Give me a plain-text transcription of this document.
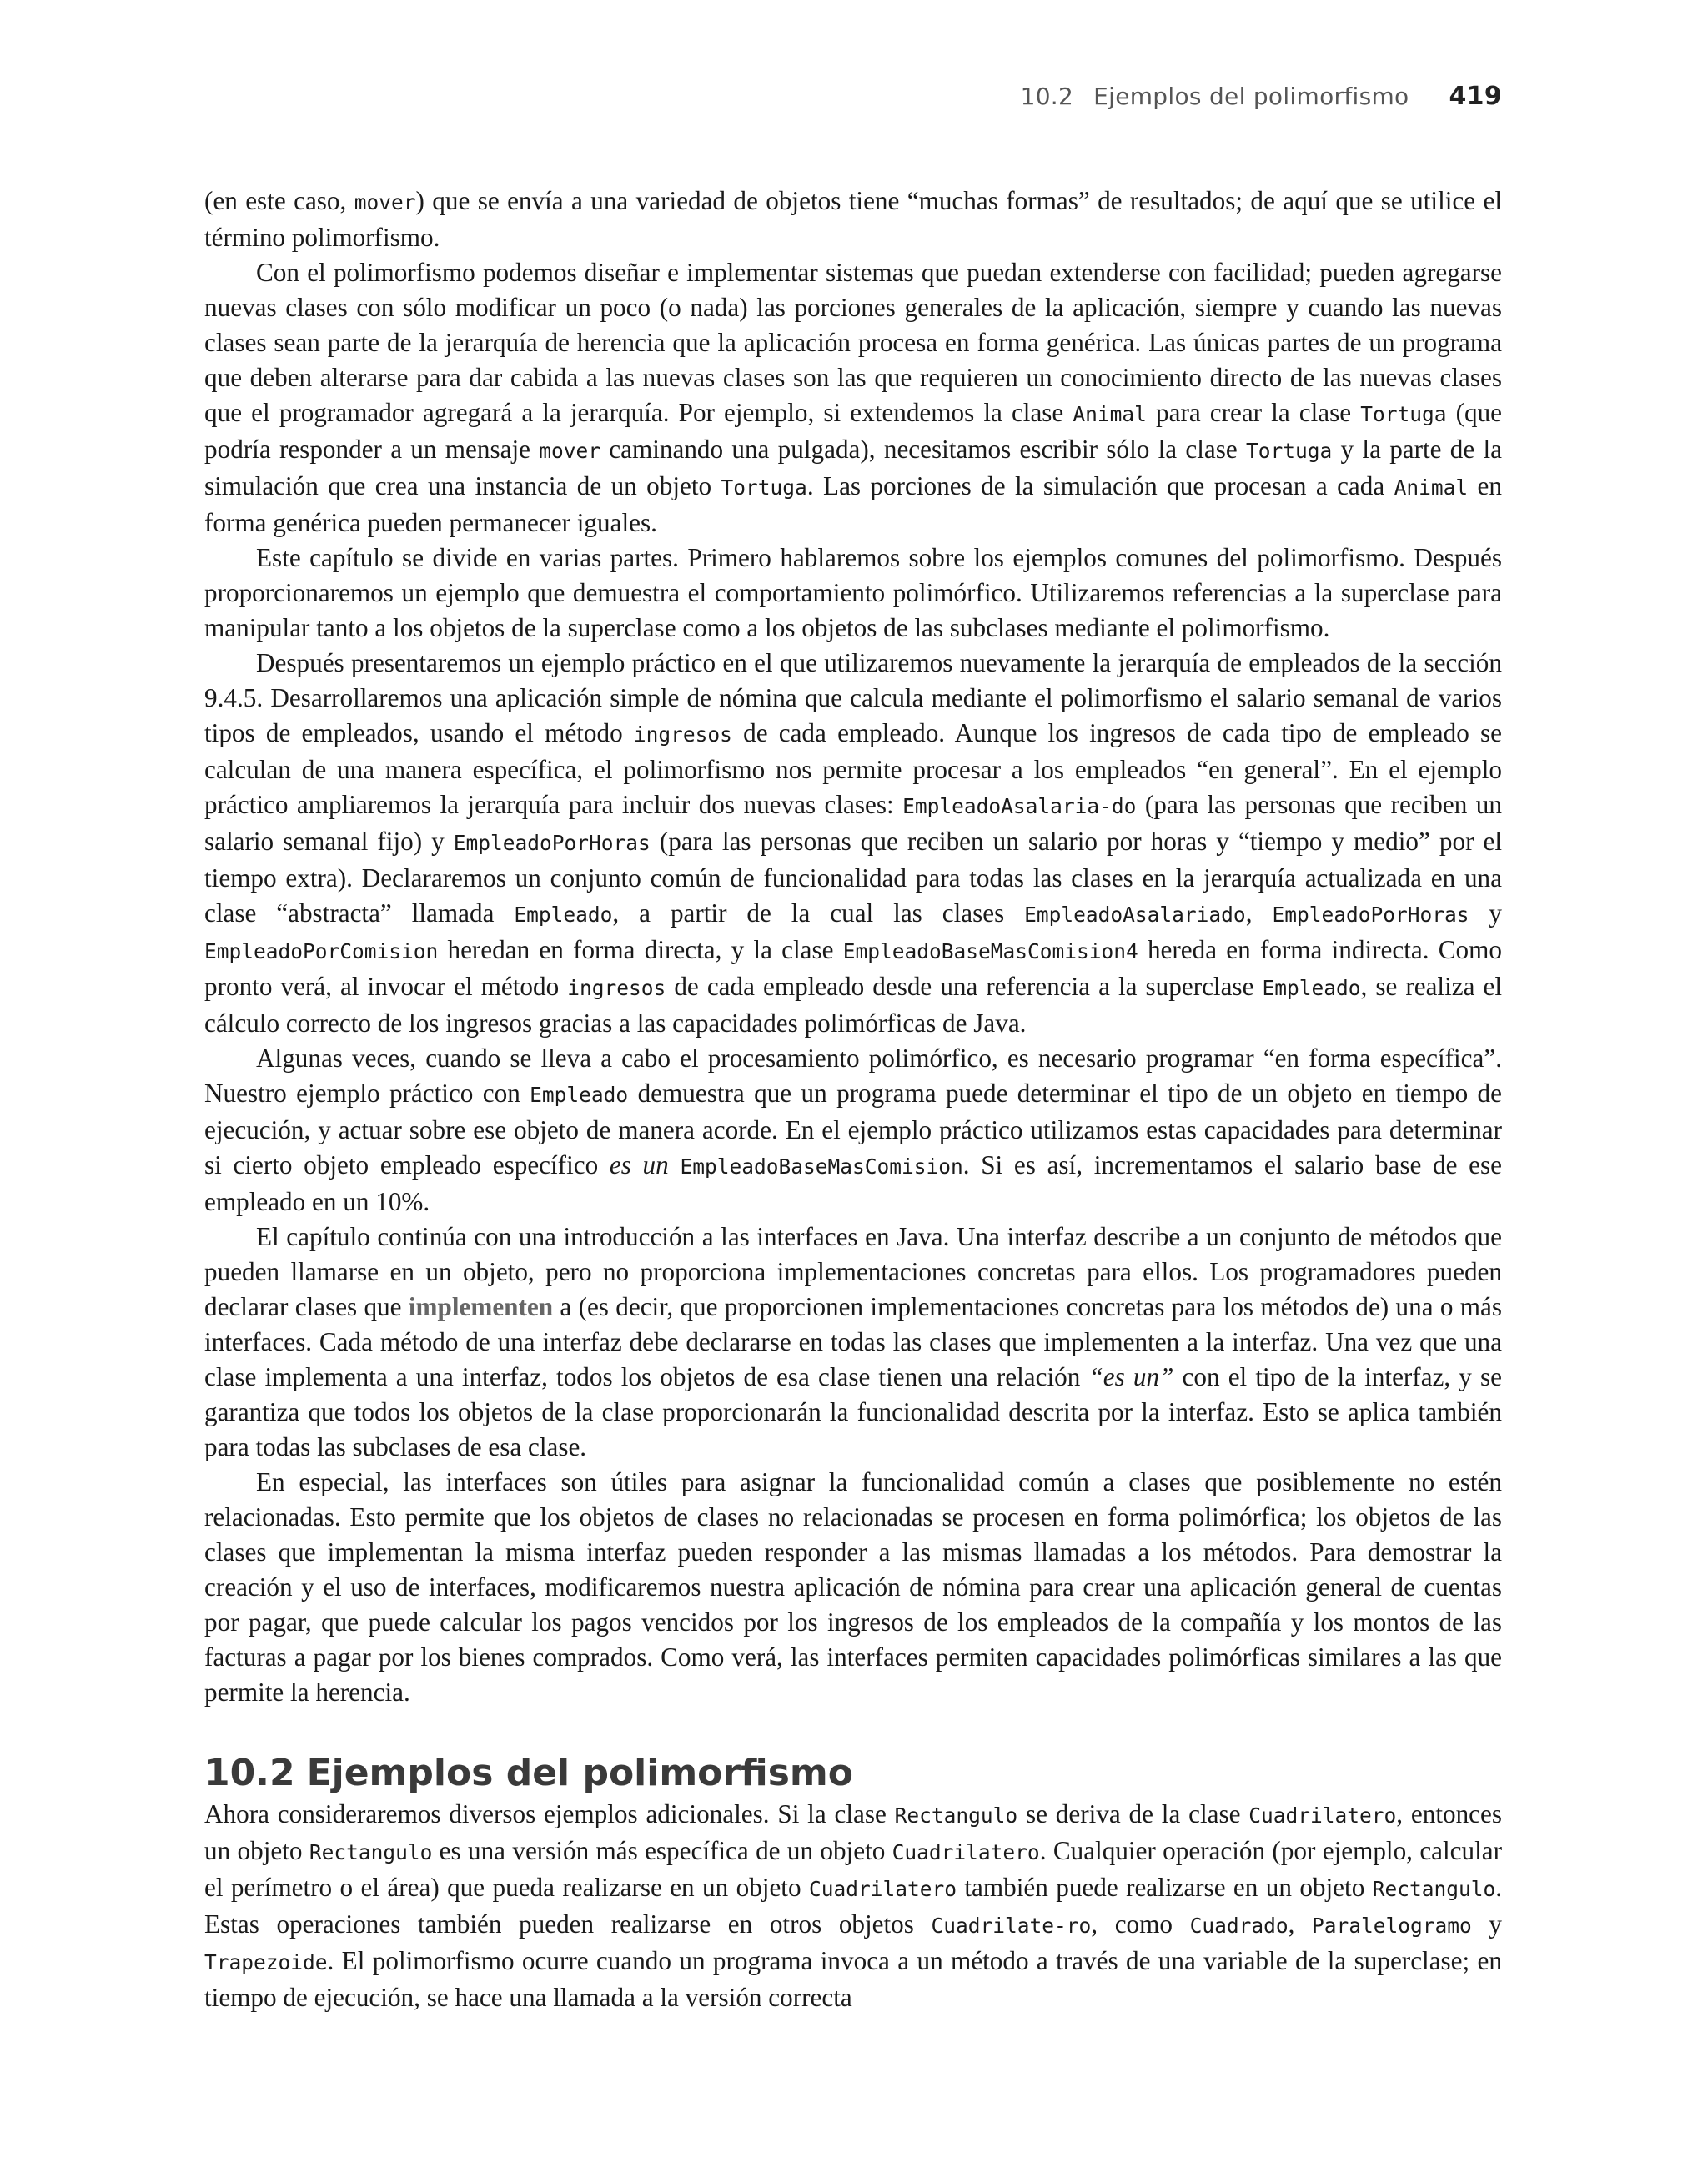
10.2 Ejemplos del polimorfismo 419

(en este caso, mover) que se envía a una variedad de objetos tiene “muchas formas” de resultados; de aquí que se utilice el término polimorfismo.

Con el polimorfismo podemos diseñar e implementar sistemas que puedan extenderse con facilidad; pueden agregarse nuevas clases con sólo modificar un poco (o nada) las porciones generales de la aplicación, siempre y cuando las nuevas clases sean parte de la jerarquía de herencia que la aplicación procesa en forma genérica. Las únicas partes de un programa que deben alterarse para dar cabida a las nuevas clases son las que requieren un conocimiento directo de las nuevas clases que el programador agregará a la jerarquía. Por ejemplo, si extendemos la clase Animal para crear la clase Tortuga (que podría responder a un mensaje mover caminando una pulgada), necesitamos escribir sólo la clase Tortuga y la parte de la simulación que crea una instancia de un objeto Tortuga. Las porciones de la simulación que procesan a cada Animal en forma genérica pueden permanecer iguales.

Este capítulo se divide en varias partes. Primero hablaremos sobre los ejemplos comunes del polimorfismo. Después proporcionaremos un ejemplo que demuestra el comportamiento polimórfico. Utilizaremos referencias a la superclase para manipular tanto a los objetos de la superclase como a los objetos de las subclases mediante el polimorfismo.

Después presentaremos un ejemplo práctico en el que utilizaremos nuevamente la jerarquía de empleados de la sección 9.4.5. Desarrollaremos una aplicación simple de nómina que calcula mediante el polimorfismo el salario semanal de varios tipos de empleados, usando el método ingresos de cada empleado. Aunque los ingresos de cada tipo de empleado se calculan de una manera específica, el polimorfismo nos permite procesar a los empleados “en general”. En el ejemplo práctico ampliaremos la jerarquía para incluir dos nuevas clases: EmpleadoAsalaria-do (para las personas que reciben un salario semanal fijo) y EmpleadoPorHoras (para las personas que reciben un salario por horas y “tiempo y medio” por el tiempo extra). Declararemos un conjunto común de funcionalidad para todas las clases en la jerarquía actualizada en una clase “abstracta” llamada Empleado, a partir de la cual las clases EmpleadoAsalariado, EmpleadoPorHoras y EmpleadoPorComision heredan en forma directa, y la clase EmpleadoBaseMasComision4 hereda en forma indirecta. Como pronto verá, al invocar el método ingresos de cada empleado desde una referencia a la superclase Empleado, se realiza el cálculo correcto de los ingresos gracias a las capacidades polimórficas de Java.

Algunas veces, cuando se lleva a cabo el procesamiento polimórfico, es necesario programar “en forma específica”. Nuestro ejemplo práctico con Empleado demuestra que un programa puede determinar el tipo de un objeto en tiempo de ejecución, y actuar sobre ese objeto de manera acorde. En el ejemplo práctico utilizamos estas capacidades para determinar si cierto objeto empleado específico es un EmpleadoBaseMasComision. Si es así, incrementamos el salario base de ese empleado en un 10%.

El capítulo continúa con una introducción a las interfaces en Java. Una interfaz describe a un conjunto de métodos que pueden llamarse en un objeto, pero no proporciona implementaciones concretas para ellos. Los programadores pueden declarar clases que implementen a (es decir, que proporcionen implementaciones concretas para los métodos de) una o más interfaces. Cada método de una interfaz debe declararse en todas las clases que implementen a la interfaz. Una vez que una clase implementa a una interfaz, todos los objetos de esa clase tienen una relación “es un” con el tipo de la interfaz, y se garantiza que todos los objetos de la clase proporcionarán la funcionalidad descrita por la interfaz. Esto se aplica también para todas las subclases de esa clase.

En especial, las interfaces son útiles para asignar la funcionalidad común a clases que posiblemente no estén relacionadas. Esto permite que los objetos de clases no relacionadas se procesen en forma polimórfica; los objetos de las clases que implementan la misma interfaz pueden responder a las mismas llamadas a los métodos. Para demostrar la creación y el uso de interfaces, modificaremos nuestra aplicación de nómina para crear una aplicación general de cuentas por pagar, que puede calcular los pagos vencidos por los ingresos de los empleados de la compañía y los montos de las facturas a pagar por los bienes comprados. Como verá, las interfaces permiten capacidades polimórficas similares a las que permite la herencia.

10.2 Ejemplos del polimorfismo

Ahora consideraremos diversos ejemplos adicionales. Si la clase Rectangulo se deriva de la clase Cuadrilatero, entonces un objeto Rectangulo es una versión más específica de un objeto Cuadrilatero. Cualquier operación (por ejemplo, calcular el perímetro o el área) que pueda realizarse en un objeto Cuadrilatero también puede realizarse en un objeto Rectangulo. Estas operaciones también pueden realizarse en otros objetos Cuadrilate-ro, como Cuadrado, Paralelogramo y Trapezoide. El polimorfismo ocurre cuando un programa invoca a un método a través de una variable de la superclase; en tiempo de ejecución, se hace una llamada a la versión correcta
